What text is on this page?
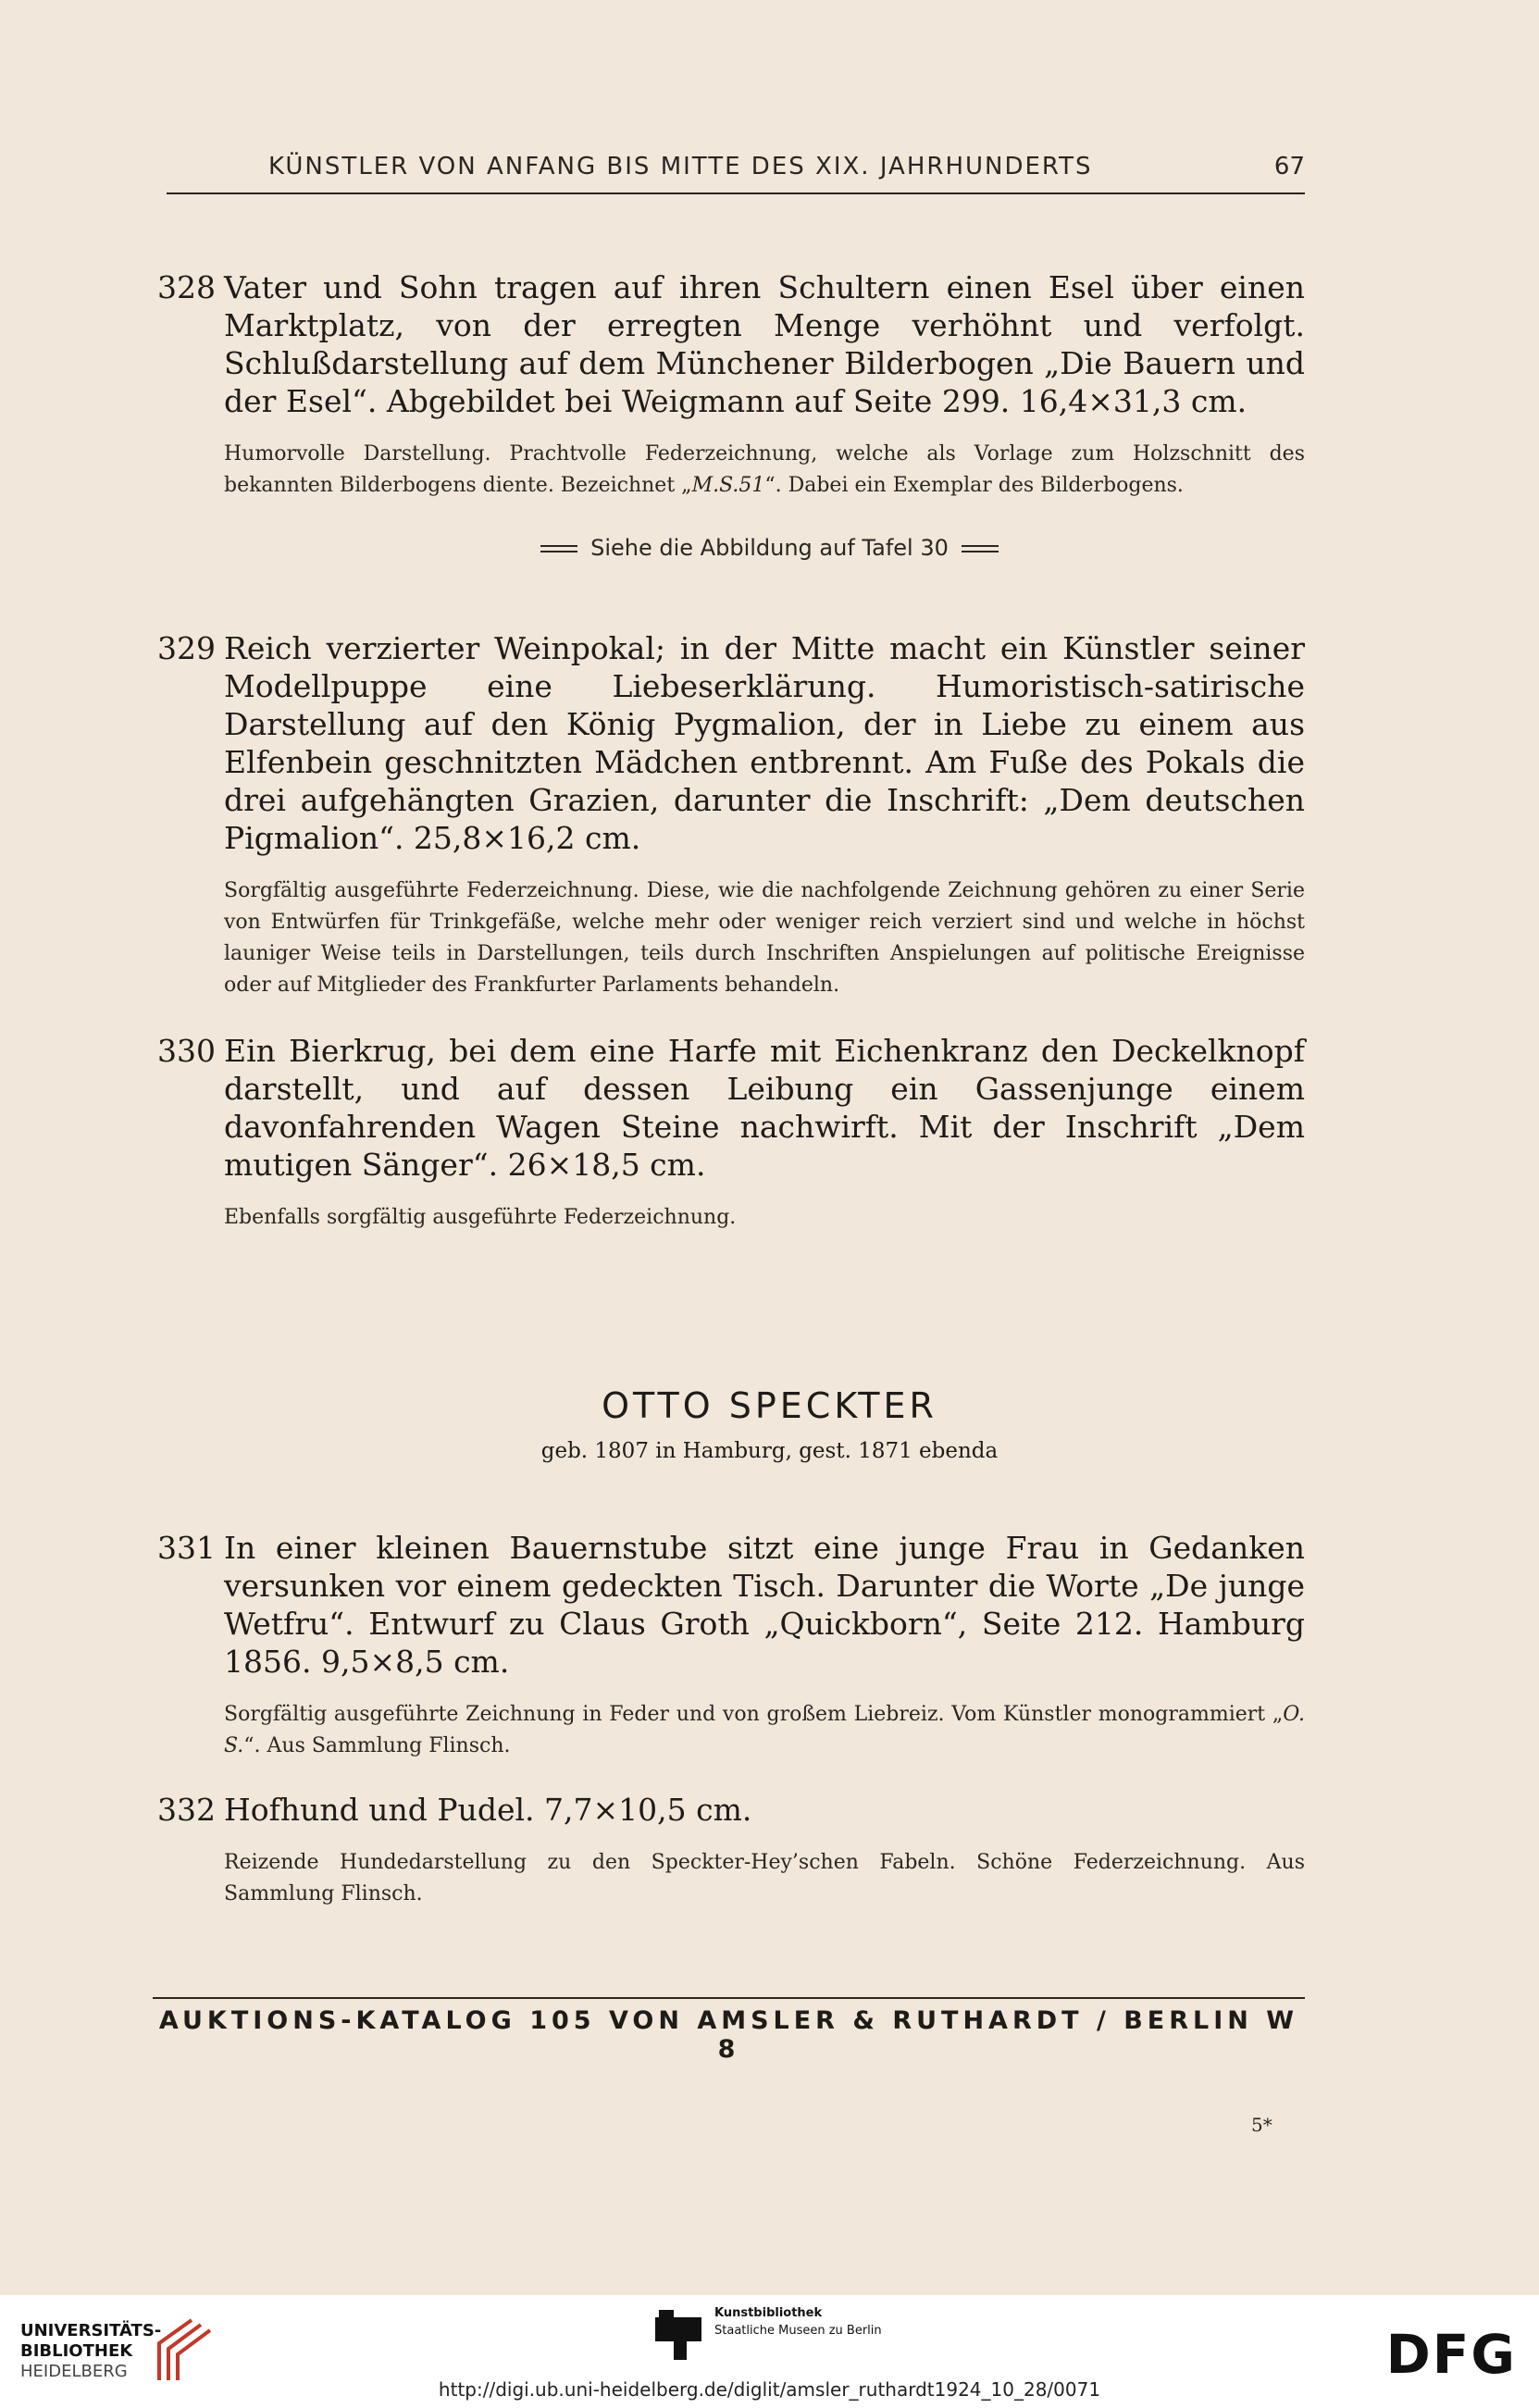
KÜNSTLER VON ANFANG BIS MITTE DES XIX. JAHRHUNDERTS	67
328 Vater und Sohn tragen auf ihren Schultern einen Esel über einen Marktplatz, von der erregten Menge verhöhnt und verfolgt. Schlußdarstellung auf dem Münchener Bilderbogen „Die Bauern und der Esel“. Abgebildet bei Weigmann auf Seite 299. 16,4×31,3 cm.
Humorvolle Darstellung. Prachtvolle Federzeichnung, welche als Vorlage zum Holzschnitt des bekannten Bilderbogens diente. Bezeichnet „M.S.51“. Dabei ein Exemplar des Bilderbogens.
Siehe die Abbildung auf Tafel 30
329 Reich verzierter Weinpokal; in der Mitte macht ein Künstler seiner Modellpuppe eine Liebeserklärung. Humoristisch-satirische Darstellung auf den König Pygmalion, der in Liebe zu einem aus Elfenbein geschnitzten Mädchen entbrennt. Am Fuße des Pokals die drei aufgehängten Grazien, darunter die Inschrift: „Dem deutschen Pigmalion“. 25,8×16,2 cm.
Sorgfältig ausgeführte Federzeichnung. Diese, wie die nachfolgende Zeichnung gehören zu einer Serie von Entwürfen für Trinkgefäße, welche mehr oder weniger reich verziert sind und welche in höchst launiger Weise teils in Darstellungen, teils durch Inschriften Anspielungen auf politische Ereignisse oder auf Mitglieder des Frankfurter Parlaments behandeln.
330 Ein Bierkrug, bei dem eine Harfe mit Eichenkranz den Deckelknopf darstellt, und auf dessen Leibung ein Gassenjunge einem davonfahrenden Wagen Steine nachwirft. Mit der Inschrift „Dem mutigen Sänger“. 26×18,5 cm.
Ebenfalls sorgfältig ausgeführte Federzeichnung.
OTTO SPECKTER
geb. 1807 in Hamburg, gest. 1871 ebenda
331 In einer kleinen Bauernstube sitzt eine junge Frau in Gedanken versunken vor einem gedeckten Tisch. Darunter die Worte „De junge Wetfru“. Entwurf zu Claus Groth „Quickborn“, Seite 212. Hamburg 1856. 9,5×8,5 cm.
Sorgfältig ausgeführte Zeichnung in Feder und von großem Liebreiz. Vom Künstler monogrammiert „O. S.“. Aus Sammlung Flinsch.
332 Hofhund und Pudel. 7,7×10,5 cm.
Reizende Hundedarstellung zu den Speckter-Hey’schen Fabeln. Schöne Federzeichnung. Aus Sammlung Flinsch.
AUKTIONS-KATALOG 105 VON AMSLER & RUTHARDT / BERLIN W 8
5*
UNIVERSITÄTS-
BIBLIOTHEK
HEIDELBERG
Kunstbibliothek
Staatliche Museen zu Berlin	DFG
http://digi.ub.uni-heidelberg.de/diglit/amsler_ruthardt1924_10_28/0071
